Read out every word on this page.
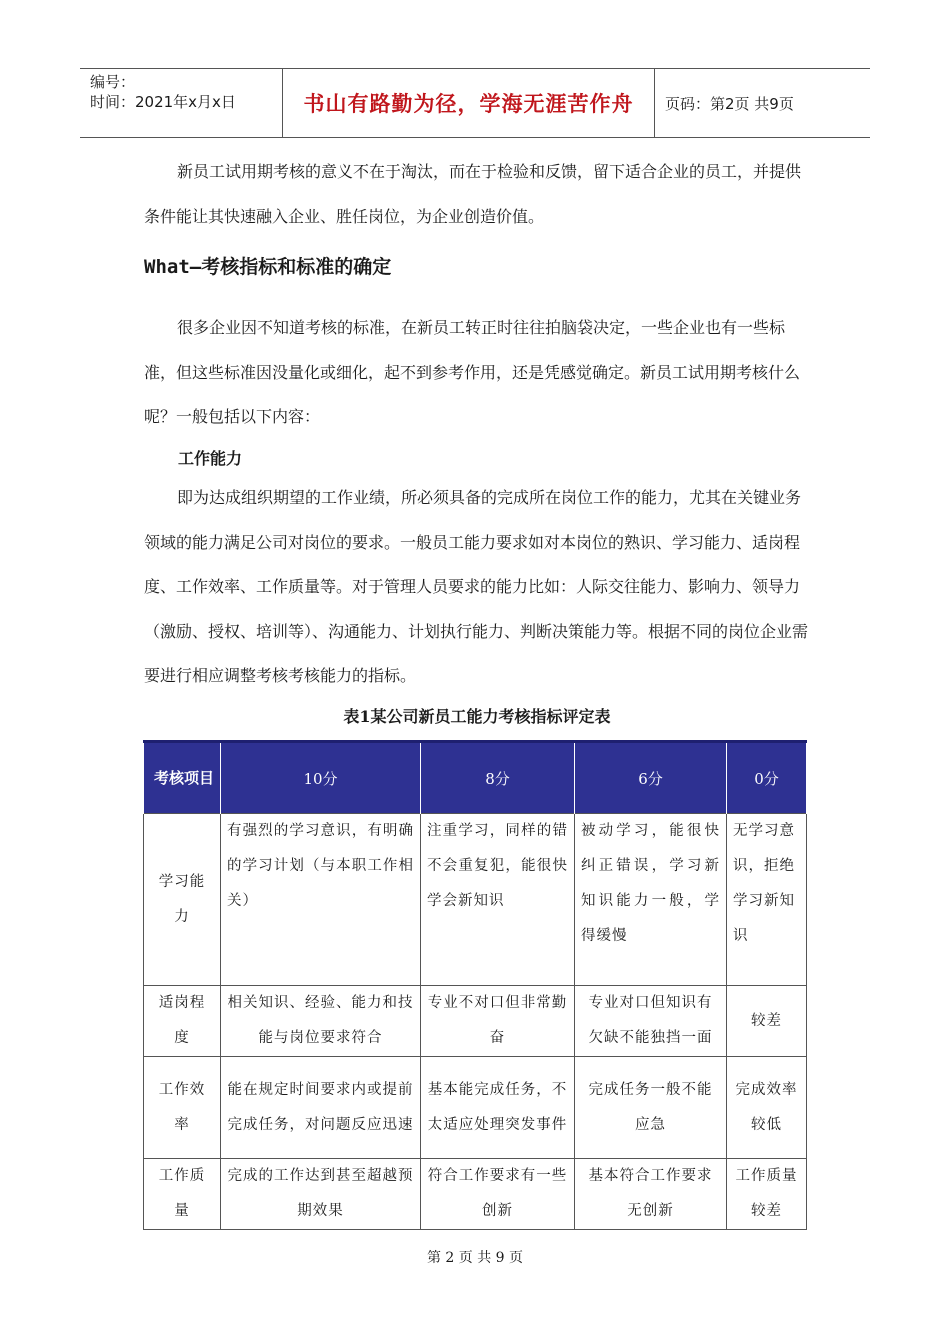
编号：
时间：2021年x月x日	书山有路勤为径，学海无涯苦作舟	页码：第2页 共9页
新员工试用期考核的意义不在于淘汰，而在于检验和反馈，留下适合企业的员工，并提供条件能让其快速融入企业、胜任岗位，为企业创造价值。
What—考核指标和标准的确定
很多企业因不知道考核的标准，在新员工转正时往往拍脑袋决定，一些企业也有一些标准，但这些标准因没量化或细化，起不到参考作用，还是凭感觉确定。新员工试用期考核什么呢？一般包括以下内容：
工作能力
即为达成组织期望的工作业绩，所必须具备的完成所在岗位工作的能力，尤其在关键业务领域的能力满足公司对岗位的要求。一般员工能力要求如对本岗位的熟识、学习能力、适岗程度、工作效率、工作质量等。对于管理人员要求的能力比如：人际交往能力、影响力、领导力（激励、授权、培训等）、沟通能力、计划执行能力、判断决策能力等。根据不同的岗位企业需要进行相应调整考核考核能力的指标。
表1某公司新员工能力考核指标评定表
考核项目	10分	8分	6分	0分
学习能力	有强烈的学习意识，有明确的学习计划（与本职工作相关）	注重学习，同样的错不会重复犯，能很快学会新知识	被动学习，能很快纠正错误，学习新知识能力一般，学得缓慢	无学习意识，拒绝学习新知识
适岗程度	相关知识、经验、能力和技能与岗位要求符合	专业不对口但非常勤奋	专业对口但知识有欠缺不能独挡一面	较差
工作效率	能在规定时间要求内或提前完成任务，对问题反应迅速	基本能完成任务，不太适应处理突发事件	完成任务一般不能应急	完成效率较低
工作质量	完成的工作达到甚至超越预期效果	符合工作要求有一些创新	基本符合工作要求无创新	工作质量较差
第 2 页 共 9 页
